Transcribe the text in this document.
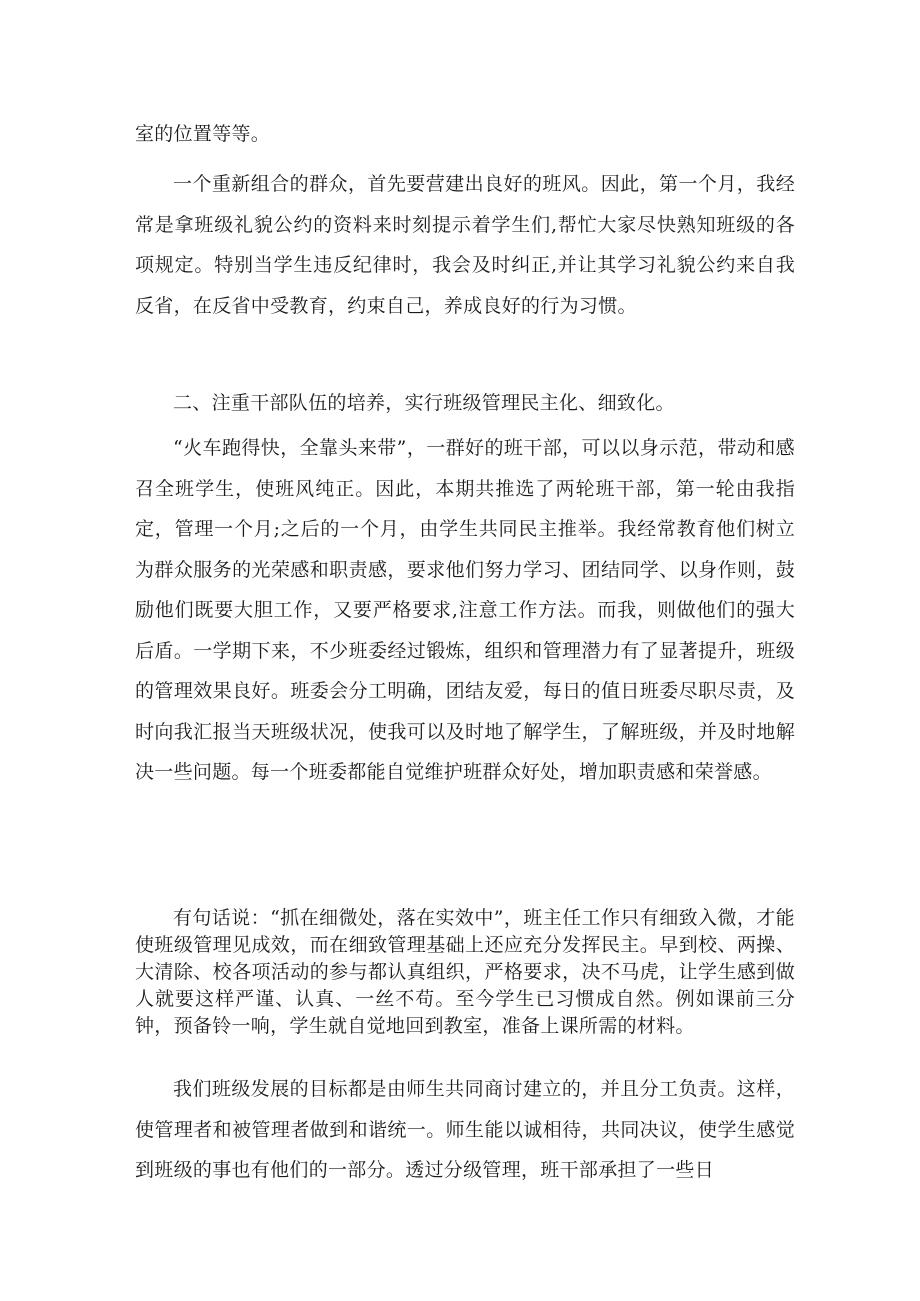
室的位置等等。

一个重新组合的群众，首先要营建出良好的班风。因此，第一个月，我经常是拿班级礼貌公约的资料来时刻提示着学生们,帮忙大家尽快熟知班级的各项规定。特别当学生违反纪律时，我会及时纠正,并让其学习礼貌公约来自我反省，在反省中受教育，约束自己，养成良好的行为习惯。

二、注重干部队伍的培养，实行班级管理民主化、细致化。

“火车跑得快，全靠头来带”，一群好的班干部，可以以身示范，带动和感召全班学生，使班风纯正。因此，本期共推选了两轮班干部，第一轮由我指定，管理一个月;之后的一个月，由学生共同民主推举。我经常教育他们树立为群众服务的光荣感和职责感，要求他们努力学习、团结同学、以身作则，鼓励他们既要大胆工作，又要严格要求,注意工作方法。而我，则做他们的强大后盾。一学期下来，不少班委经过锻炼，组织和管理潜力有了显著提升，班级的管理效果良好。班委会分工明确，团结友爱，每日的值日班委尽职尽责，及时向我汇报当天班级状况，使我可以及时地了解学生，了解班级，并及时地解决一些问题。每一个班委都能自觉维护班群众好处，增加职责感和荣誉感。

有句话说：“抓在细微处，落在实效中”，班主任工作只有细致入微，才能使班级管理见成效，而在细致管理基础上还应充分发挥民主。早到校、两操、大清除、校各项活动的参与都认真组织，严格要求，决不马虎，让学生感到做人就要这样严谨、认真、一丝不苟。至今学生已习惯成自然。例如课前三分钟，预备铃一响，学生就自觉地回到教室，准备上课所需的材料。

我们班级发展的目标都是由师生共同商讨建立的，并且分工负责。这样，使管理者和被管理者做到和谐统一。师生能以诚相待，共同决议，使学生感觉到班级的事也有他们的一部分。透过分级管理，班干部承担了一些日
